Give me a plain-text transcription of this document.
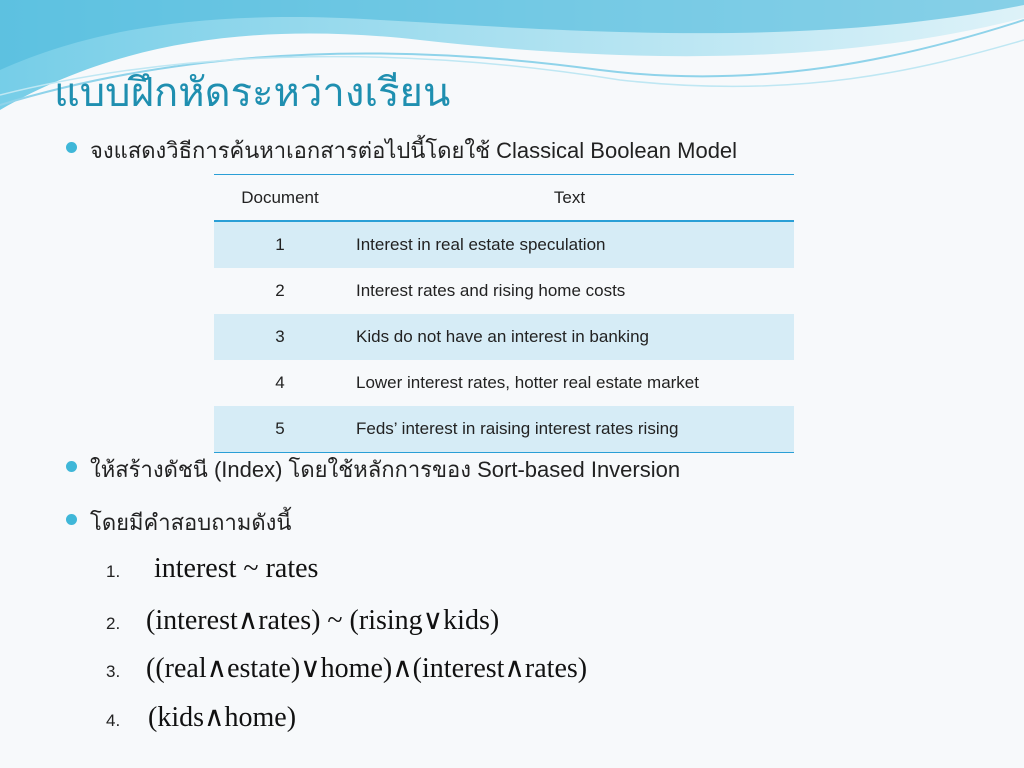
แบบฝึกหัดระหว่างเรียน
จงแสดงวิธีการค้นหาเอกสารต่อไปนี้โดยใช้ Classical Boolean Model
Document	Text
1	Interest in real estate speculation
2	Interest rates and rising home costs
3	Kids do not have an interest in banking
4	Lower interest rates, hotter real estate market
5	Feds’ interest in raising interest rates rising
ให้สร้างดัชนี (Index) โดยใช้หลักการของ Sort-based Inversion
โดยมีคำสอบถามดังนี้
1.	interest ~ rates
2. (interest∧rates) ~ (rising∨kids)
3. ((real∧estate)∨home)∧(interest∧rates)
4. (kids∧home)
